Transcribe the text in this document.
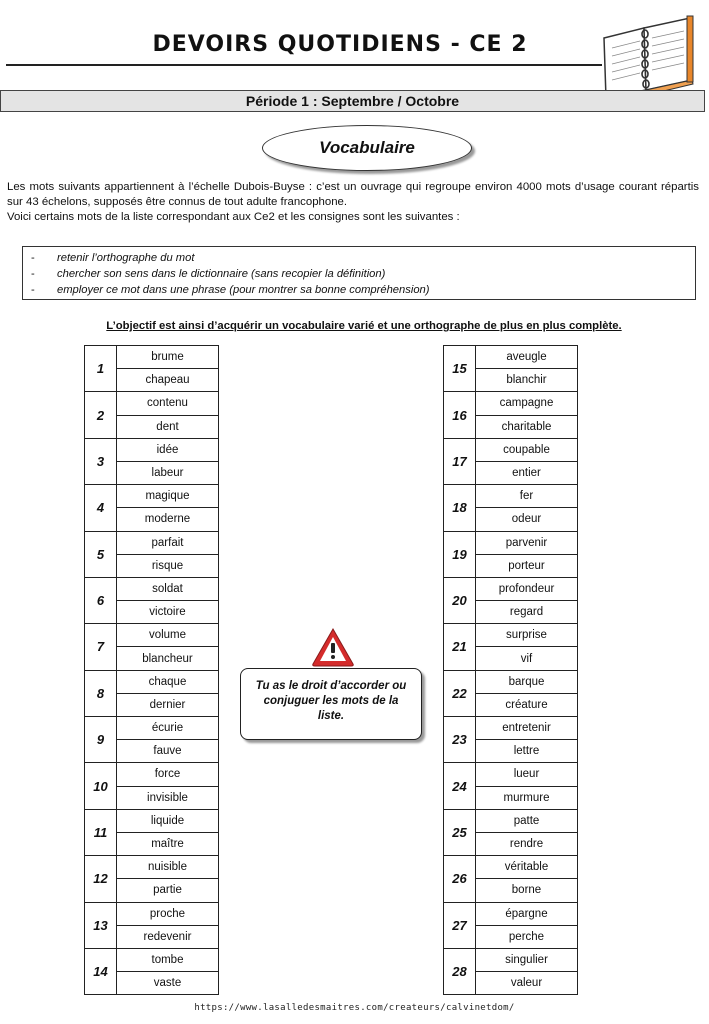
DEVOIRS QUOTIDIENS - CE 2
Période 1 : Septembre / Octobre
Vocabulaire

Les mots suivants appartiennent à l’échelle Dubois-Buyse : c’est un ouvrage qui regroupe environ 4000 mots d’usage courant répartis sur 43 échelons, supposés être connus de tout adulte francophone.

Voici certains mots de la liste correspondant aux Ce2 et les consignes sont les suivantes :

-	retenir l’orthographe du mot
-	chercher son sens dans le dictionnaire (sans recopier la définition)
-	employer ce mot dans une phrase (pour montrer sa bonne compréhension)
L’objectif est ainsi d’acquérir un vocabulaire varié et une orthographe de plus en plus complète.
1	brume
	chapeau
2	contenu
	dent
3	idée
	labeur
4	magique
	moderne
5	parfait
	risque
6	soldat
	victoire
7	volume
	blancheur
8	chaque
	dernier
9	écurie
	fauve
10	force
	invisible
11	liquide
	maître
12	nuisible
	partie
13	proche
	redevenir
14	tombe
	vaste
15	aveugle
	blanchir
16	campagne
	charitable
17	coupable
	entier
18	fer
	odeur
19	parvenir
	porteur
20	profondeur
	regard
21	surprise
	vif
22	barque
	créature
23	entretenir
	lettre
24	lueur
	murmure
25	patte
	rendre
26	véritable
	borne
27	épargne
	perche
28	singulier
	valeur
Tu as le droit d’accorder ou conjuguer les mots de la liste.
https://www.lasalledesmaitres.com/createurs/calvinetdom/
